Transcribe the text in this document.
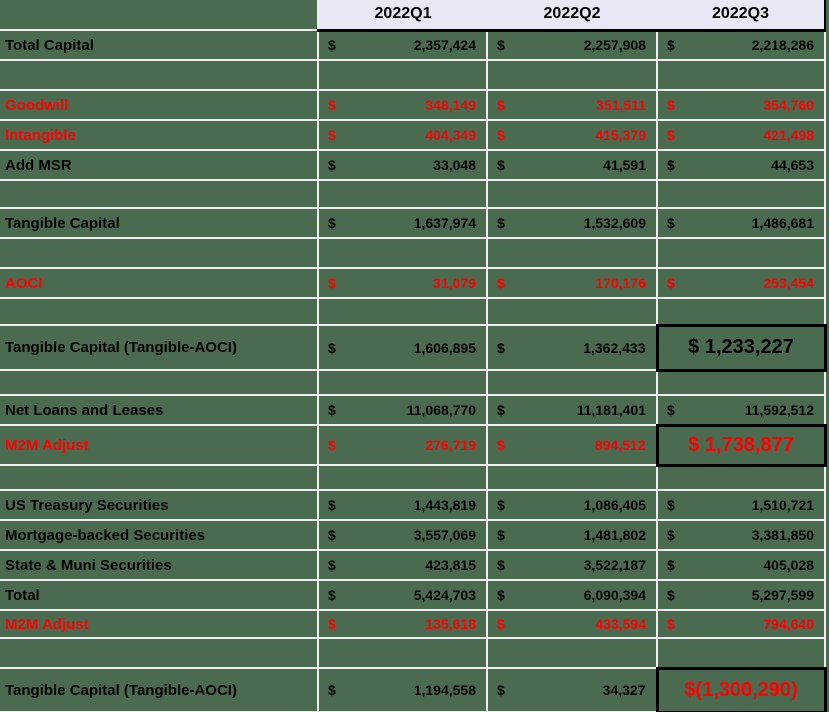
	2022Q1	2022Q2	2022Q3
Total Capital	$ 2,357,424	$ 2,257,908	$ 2,218,286

Goodwill	$ 348,149	$ 351,511	$ 354,760

Intangible	$ 404,349	$ 415,379	$ 421,498

Add MSR	$ 33,048	$ 41,591	$ 44,653

Tangible Capital	$ 1,637,974	$ 1,532,609	$ 1,486,681

AOCI	$ 31,079	$ 170,176	$ 253,454

Tangible Capital (Tangible-AOCI)	$ 1,606,895	$ 1,362,433	$ 1,233,227

Net Loans and Leases	$ 11,068,770	$ 11,181,401	$ 11,592,512

M2M Adjust	$ 276,719	$ 894,512	$ 1,738,877

US Treasury Securities	$ 1,443,819	$ 1,086,405	$ 1,510,721

Mortgage-backed Securities	$ 3,557,069	$ 1,481,802	$ 3,381,850

State & Muni Securities	$ 423,815	$ 3,522,187	$ 405,028

Total	$ 5,424,703	$ 6,090,394	$ 5,297,599

M2M Adjust	$ 135,618	$ 433,594	$ 794,640

Tangible Capital (Tangible-AOCI)	$ 1,194,558	$ 34,327	$(1,300,290)
